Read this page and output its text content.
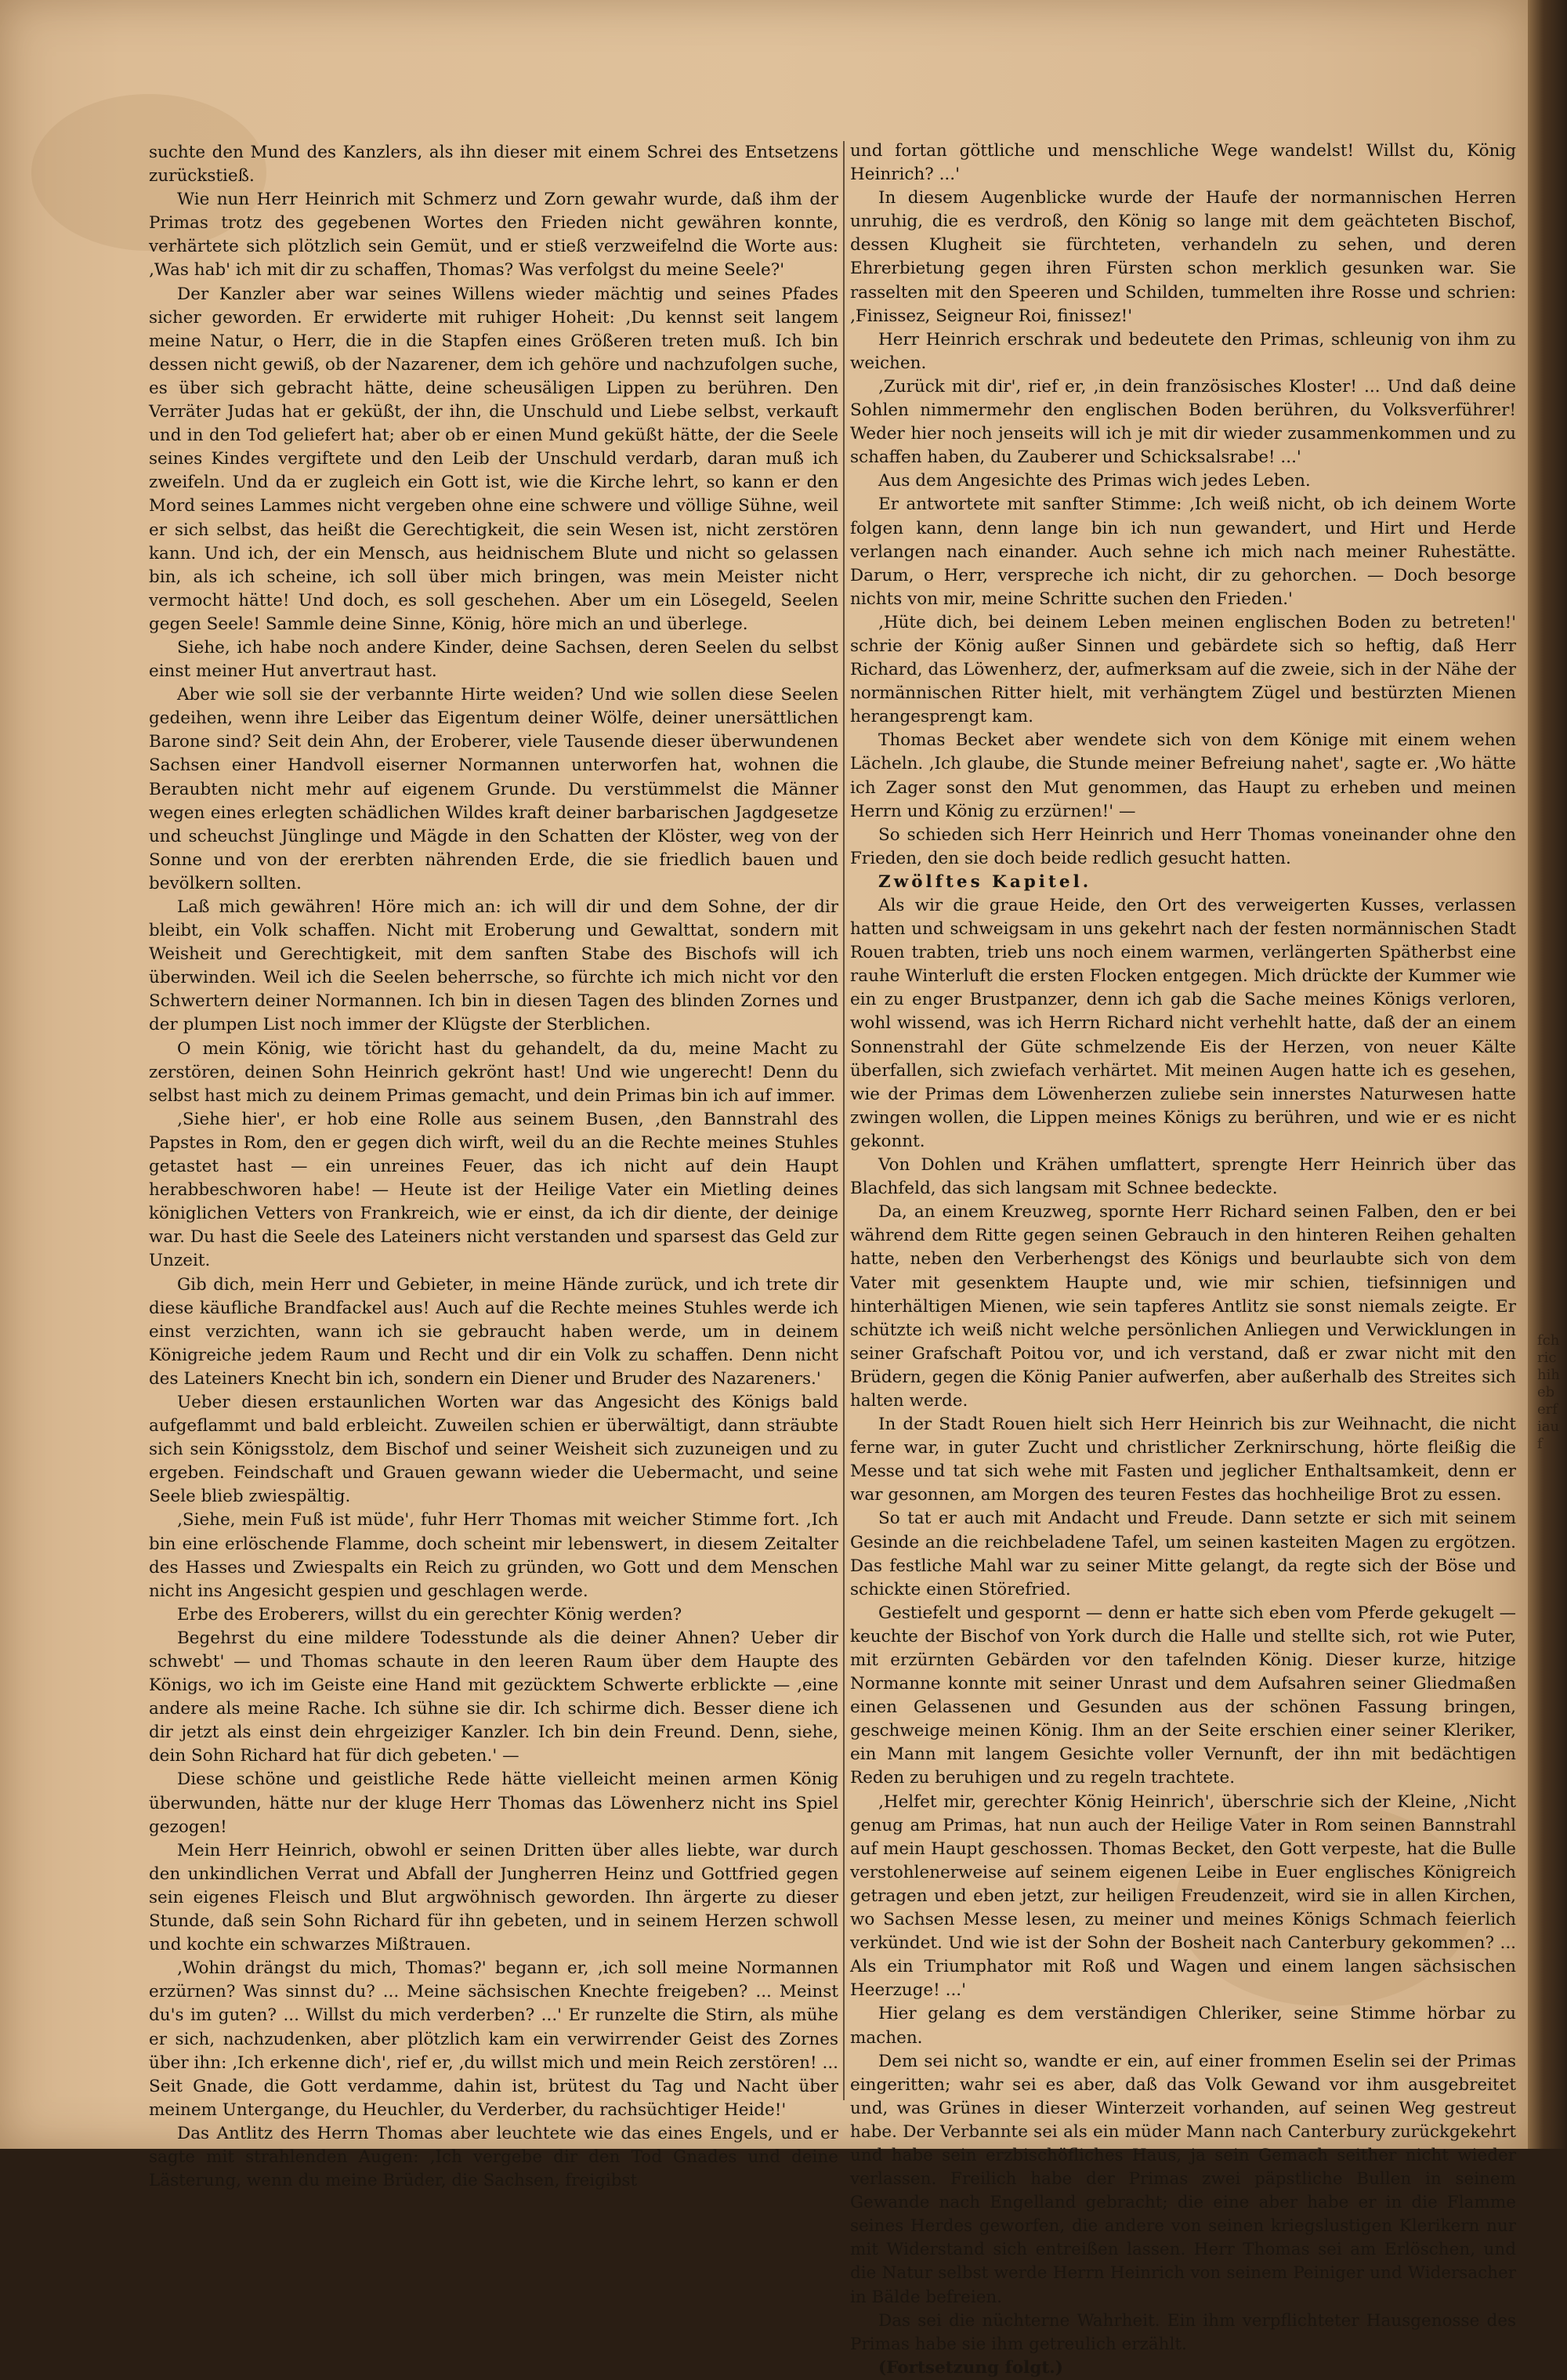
suchte den Mund des Kanzlers, als ihn dieser mit einem Schrei des Entsetzens zurückstieß.

Wie nun Herr Heinrich mit Schmerz und Zorn gewahr wurde, daß ihm der Primas trotz des gegebenen Wortes den Frieden nicht gewähren konnte, verhärtete sich plötzlich sein Gemüt, und er stieß verzweifelnd die Worte aus: ‚Was hab' ich mit dir zu schaffen, Thomas? Was verfolgst du meine Seele?'

Der Kanzler aber war seines Willens wieder mächtig und seines Pfades sicher geworden. Er erwiderte mit ruhiger Hoheit: ‚Du kennst seit langem meine Natur, o Herr, die in die Stapfen eines Größeren treten muß. Ich bin dessen nicht gewiß, ob der Nazarener, dem ich gehöre und nachzufolgen suche, es über sich gebracht hätte, deine scheusäligen Lippen zu berühren. Den Verräter Judas hat er geküßt, der ihn, die Unschuld und Liebe selbst, verkauft und in den Tod geliefert hat; aber ob er einen Mund geküßt hätte, der die Seele seines Kindes vergiftete und den Leib der Unschuld verdarb, daran muß ich zweifeln. Und da er zugleich ein Gott ist, wie die Kirche lehrt, so kann er den Mord seines Lammes nicht vergeben ohne eine schwere und völlige Sühne, weil er sich selbst, das heißt die Gerechtigkeit, die sein Wesen ist, nicht zerstören kann. Und ich, der ein Mensch, aus heidnischem Blute und nicht so gelassen bin, als ich scheine, ich soll über mich bringen, was mein Meister nicht vermocht hätte! Und doch, es soll geschehen. Aber um ein Lösegeld, Seelen gegen Seele! Sammle deine Sinne, König, höre mich an und überlege.

Siehe, ich habe noch andere Kinder, deine Sachsen, deren Seelen du selbst einst meiner Hut anvertraut hast.

Aber wie soll sie der verbannte Hirte weiden? Und wie sollen diese Seelen gedeihen, wenn ihre Leiber das Eigentum deiner Wölfe, deiner unersättlichen Barone sind? Seit dein Ahn, der Eroberer, viele Tausende dieser überwundenen Sachsen einer Handvoll eiserner Normannen unterworfen hat, wohnen die Beraubten nicht mehr auf eigenem Grunde. Du verstümmelst die Männer wegen eines erlegten schädlichen Wildes kraft deiner barbarischen Jagdgesetze und scheuchst Jünglinge und Mägde in den Schatten der Klöster, weg von der Sonne und von der ererbten nährenden Erde, die sie friedlich bauen und bevölkern sollten.

Laß mich gewähren! Höre mich an: ich will dir und dem Sohne, der dir bleibt, ein Volk schaffen. Nicht mit Eroberung und Gewalttat, sondern mit Weisheit und Gerechtigkeit, mit dem sanften Stabe des Bischofs will ich überwinden. Weil ich die Seelen beherrsche, so fürchte ich mich nicht vor den Schwertern deiner Normannen. Ich bin in diesen Tagen des blinden Zornes und der plumpen List noch immer der Klügste der Sterblichen.

O mein König, wie töricht hast du gehandelt, da du, meine Macht zu zerstören, deinen Sohn Heinrich gekrönt hast! Und wie ungerecht! Denn du selbst hast mich zu deinem Primas gemacht, und dein Primas bin ich auf immer.

‚Siehe hier', er hob eine Rolle aus seinem Busen, ‚den Bannstrahl des Papstes in Rom, den er gegen dich wirft, weil du an die Rechte meines Stuhles getastet hast — ein unreines Feuer, das ich nicht auf dein Haupt herabbeschworen habe! — Heute ist der Heilige Vater ein Mietling deines königlichen Vetters von Frankreich, wie er einst, da ich dir diente, der deinige war. Du hast die Seele des Lateiners nicht verstanden und sparsest das Geld zur Unzeit.

Gib dich, mein Herr und Gebieter, in meine Hände zurück, und ich trete dir diese käufliche Brandfackel aus! Auch auf die Rechte meines Stuhles werde ich einst verzichten, wann ich sie gebraucht haben werde, um in deinem Königreiche jedem Raum und Recht und dir ein Volk zu schaffen. Denn nicht des Lateiners Knecht bin ich, sondern ein Diener und Bruder des Nazareners.'

Ueber diesen erstaunlichen Worten war das Angesicht des Königs bald aufgeflammt und bald erbleicht. Zuweilen schien er überwältigt, dann sträubte sich sein Königsstolz, dem Bischof und seiner Weisheit sich zuzuneigen und zu ergeben. Feindschaft und Grauen gewann wieder die Uebermacht, und seine Seele blieb zwiespältig.

‚Siehe, mein Fuß ist müde', fuhr Herr Thomas mit weicher Stimme fort. ‚Ich bin eine erlöschende Flamme, doch scheint mir lebenswert, in diesem Zeitalter des Hasses und Zwiespalts ein Reich zu gründen, wo Gott und dem Menschen nicht ins Angesicht gespien und geschlagen werde.

Erbe des Eroberers, willst du ein gerechter König werden?

Begehrst du eine mildere Todesstunde als die deiner Ahnen? Ueber dir schwebt' — und Thomas schaute in den leeren Raum über dem Haupte des Königs, wo ich im Geiste eine Hand mit gezücktem Schwerte erblickte — ‚eine andere als meine Rache. Ich sühne sie dir. Ich schirme dich. Besser diene ich dir jetzt als einst dein ehrgeiziger Kanzler. Ich bin dein Freund. Denn, siehe, dein Sohn Richard hat für dich gebeten.' —

Diese schöne und geistliche Rede hätte vielleicht meinen armen König überwunden, hätte nur der kluge Herr Thomas das Löwenherz nicht ins Spiel gezogen!

Mein Herr Heinrich, obwohl er seinen Dritten über alles liebte, war durch den unkindlichen Verrat und Abfall der Jungherren Heinz und Gottfried gegen sein eigenes Fleisch und Blut argwöhnisch geworden. Ihn ärgerte zu dieser Stunde, daß sein Sohn Richard für ihn gebeten, und in seinem Herzen schwoll und kochte ein schwarzes Mißtrauen.

‚Wohin drängst du mich, Thomas?' begann er, ‚ich soll meine Normannen erzürnen? Was sinnst du? ... Meine sächsischen Knechte freigeben? ... Meinst du's im guten? ... Willst du mich verderben? ...' Er runzelte die Stirn, als mühe er sich, nachzudenken, aber plötzlich kam ein verwirrender Geist des Zornes über ihn: ‚Ich erkenne dich', rief er, ‚du willst mich und mein Reich zerstören! ... Seit Gnade, die Gott verdamme, dahin ist, brütest du Tag und Nacht über meinem Untergange, du Heuchler, du Verderber, du rachsüchtiger Heide!'

Das Antlitz des Herrn Thomas aber leuchtete wie das eines Engels, und er sagte mit strahlenden Augen: ‚Ich vergebe dir den Tod Gnades und deine Lästerung, wenn du meine Brüder, die Sachsen, freigibst

und fortan göttliche und menschliche Wege wandelst! Willst du, König Heinrich? ...'

In diesem Augenblicke wurde der Haufe der normannischen Herren unruhig, die es verdroß, den König so lange mit dem geächteten Bischof, dessen Klugheit sie fürchteten, verhandeln zu sehen, und deren Ehrerbietung gegen ihren Fürsten schon merklich gesunken war. Sie rasselten mit den Speeren und Schilden, tummelten ihre Rosse und schrien: ‚Finissez, Seigneur Roi, finissez!'

Herr Heinrich erschrak und bedeutete den Primas, schleunig von ihm zu weichen.

‚Zurück mit dir', rief er, ‚in dein französisches Kloster! ... Und daß deine Sohlen nimmermehr den englischen Boden berühren, du Volksverführer! Weder hier noch jenseits will ich je mit dir wieder zusammenkommen und zu schaffen haben, du Zauberer und Schicksalsrabe! ...'

Aus dem Angesichte des Primas wich jedes Leben.

Er antwortete mit sanfter Stimme: ‚Ich weiß nicht, ob ich deinem Worte folgen kann, denn lange bin ich nun gewandert, und Hirt und Herde verlangen nach einander. Auch sehne ich mich nach meiner Ruhestätte. Darum, o Herr, verspreche ich nicht, dir zu gehorchen. — Doch besorge nichts von mir, meine Schritte suchen den Frieden.'

‚Hüte dich, bei deinem Leben meinen englischen Boden zu betreten!' schrie der König außer Sinnen und gebärdete sich so heftig, daß Herr Richard, das Löwenherz, der, aufmerksam auf die zweie, sich in der Nähe der normännischen Ritter hielt, mit verhängtem Zügel und bestürzten Mienen herangesprengt kam.

Thomas Becket aber wendete sich von dem Könige mit einem wehen Lächeln. ‚Ich glaube, die Stunde meiner Befreiung nahet', sagte er. ‚Wo hätte ich Zager sonst den Mut genommen, das Haupt zu erheben und meinen Herrn und König zu erzürnen!' —

So schieden sich Herr Heinrich und Herr Thomas voneinander ohne den Frieden, den sie doch beide redlich gesucht hatten.

Zwölftes Kapitel.

Als wir die graue Heide, den Ort des verweigerten Kusses, verlassen hatten und schweigsam in uns gekehrt nach der festen normännischen Stadt Rouen trabten, trieb uns noch einem warmen, verlängerten Spätherbst eine rauhe Winterluft die ersten Flocken entgegen. Mich drückte der Kummer wie ein zu enger Brustpanzer, denn ich gab die Sache meines Königs verloren, wohl wissend, was ich Herrn Richard nicht verhehlt hatte, daß der an einem Sonnenstrahl der Güte schmelzende Eis der Herzen, von neuer Kälte überfallen, sich zwiefach verhärtet. Mit meinen Augen hatte ich es gesehen, wie der Primas dem Löwenherzen zuliebe sein innerstes Naturwesen hatte zwingen wollen, die Lippen meines Königs zu berühren, und wie er es nicht gekonnt.

Von Dohlen und Krähen umflattert, sprengte Herr Heinrich über das Blachfeld, das sich langsam mit Schnee bedeckte.

Da, an einem Kreuzweg, spornte Herr Richard seinen Falben, den er bei während dem Ritte gegen seinen Gebrauch in den hinteren Reihen gehalten hatte, neben den Verberhengst des Königs und beurlaubte sich von dem Vater mit gesenktem Haupte und, wie mir schien, tiefsinnigen und hinterhältigen Mienen, wie sein tapferes Antlitz sie sonst niemals zeigte. Er schützte ich weiß nicht welche persönlichen Anliegen und Verwicklungen in seiner Grafschaft Poitou vor, und ich verstand, daß er zwar nicht mit den Brüdern, gegen die König Panier aufwerfen, aber außerhalb des Streites sich halten werde.

In der Stadt Rouen hielt sich Herr Heinrich bis zur Weihnacht, die nicht ferne war, in guter Zucht und christlicher Zerknirschung, hörte fleißig die Messe und tat sich wehe mit Fasten und jeglicher Enthaltsamkeit, denn er war gesonnen, am Morgen des teuren Festes das hochheilige Brot zu essen.

So tat er auch mit Andacht und Freude. Dann setzte er sich mit seinem Gesinde an die reichbeladene Tafel, um seinen kasteiten Magen zu ergötzen. Das festliche Mahl war zu seiner Mitte gelangt, da regte sich der Böse und schickte einen Störefried.

Gestiefelt und gespornt — denn er hatte sich eben vom Pferde gekugelt — keuchte der Bischof von York durch die Halle und stellte sich, rot wie Puter, mit erzürnten Gebärden vor den tafelnden König. Dieser kurze, hitzige Normanne konnte mit seiner Unrast und dem Aufsahren seiner Gliedmaßen einen Gelassenen und Gesunden aus der schönen Fassung bringen, geschweige meinen König. Ihm an der Seite erschien einer seiner Kleriker, ein Mann mit langem Gesichte voller Vernunft, der ihn mit bedächtigen Reden zu beruhigen und zu regeln trachtete.

‚Helfet mir, gerechter König Heinrich', überschrie sich der Kleine, ‚Nicht genug am Primas, hat nun auch der Heilige Vater in Rom seinen Bannstrahl auf mein Haupt geschossen. Thomas Becket, den Gott verpeste, hat die Bulle verstohlenerweise auf seinem eigenen Leibe in Euer englisches Königreich getragen und eben jetzt, zur heiligen Freudenzeit, wird sie in allen Kirchen, wo Sachsen Messe lesen, zu meiner und meines Königs Schmach feierlich verkündet. Und wie ist der Sohn der Bosheit nach Canterbury gekommen? ... Als ein Triumphator mit Roß und Wagen und einem langen sächsischen Heerzuge! ...'

Hier gelang es dem verständigen Chleriker, seine Stimme hörbar zu machen.

Dem sei nicht so, wandte er ein, auf einer frommen Eselin sei der Primas eingeritten; wahr sei es aber, daß das Volk Gewand vor ihm ausgebreitet und, was Grünes in dieser Winterzeit vorhanden, auf seinen Weg gestreut habe. Der Verbannte sei als ein müder Mann nach Canterbury zurückgekehrt und habe sein erzbischöfliches Haus, ja sein Gemach seither nicht wieder verlassen. Freilich habe der Primas zwei päpstliche Bullen in seinem Gewande nach Engelland gebracht; die eine aber habe er in die Flamme seines Herdes geworfen, die andere von seinen kriegslustigen Klerikern nur mit Widerstand sich entreißen lassen. Herr Thomas sei am Erlöschen, und die Natur selbst werde Herrn Heinrich von seinem Peiniger und Widersacher in Bälde befreien.

Das sei die nüchterne Wahrheit. Ein ihm verpflichteter Hausgenosse des Primas habe sie ihm getreulich erzählt.

(Fortsetzung folgt.)

fchrichiheberfiauf
